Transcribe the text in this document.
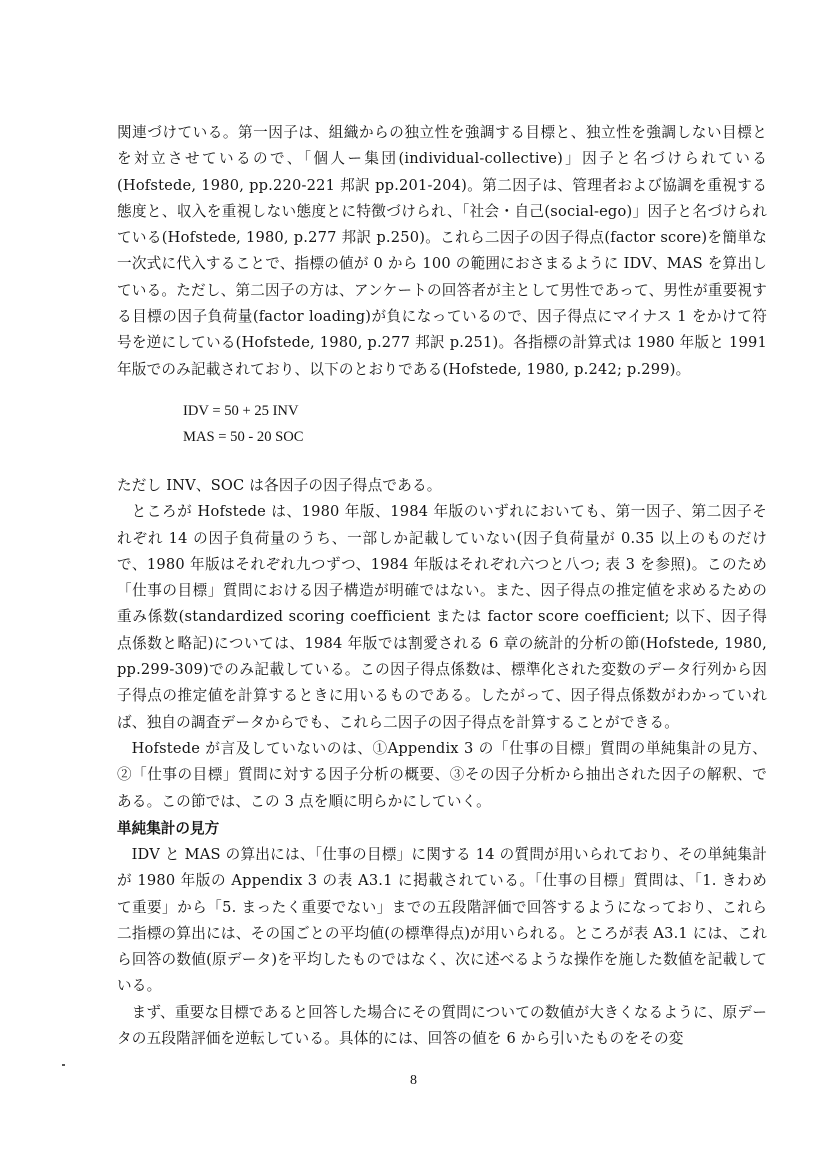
関連づけている。第一因子は、組織からの独立性を強調する目標と、独立性を強調しない目標とを対立させているので、「個人ー集団(individual-collective)」因子と名づけられている(Hofstede, 1980, pp.220-221 邦訳 pp.201-204)。第二因子は、管理者および協調を重視する態度と、収入を重視しない態度とに特徴づけられ、「社会・自己(social-ego)」因子と名づけられている(Hofstede, 1980, p.277 邦訳 p.250)。これら二因子の因子得点(factor score)を簡単な一次式に代入することで、指標の値が 0 から 100 の範囲におさまるように IDV、MAS を算出している。ただし、第二因子の方は、アンケートの回答者が主として男性であって、男性が重要視する目標の因子負荷量(factor loading)が負になっているので、因子得点にマイナス 1 をかけて符号を逆にしている(Hofstede, 1980, p.277 邦訳 p.251)。各指標の計算式は 1980 年版と 1991 年版でのみ記載されており、以下のとおりである(Hofstede, 1980, p.242; p.299)。

IDV = 50 + 25 INV
MAS = 50 - 20 SOC

ただし INV、SOC は各因子の因子得点である。

ところが Hofstede は、1980 年版、1984 年版のいずれにおいても、第一因子、第二因子それぞれ 14 の因子負荷量のうち、一部しか記載していない(因子負荷量が 0.35 以上のものだけで、1980 年版はそれぞれ九つずつ、1984 年版はそれぞれ六つと八つ; 表 3 を参照)。このため「仕事の目標」質問における因子構造が明確ではない。また、因子得点の推定値を求めるための重み係数(standardized scoring coefficient または factor score coefficient; 以下、因子得点係数と略記)については、1984 年版では割愛される 6 章の統計的分析の節(Hofstede, 1980, pp.299-309)でのみ記載している。この因子得点係数は、標準化された変数のデータ行列から因子得点の推定値を計算するときに用いるものである。したがって、因子得点係数がわかっていれば、独自の調査データからでも、これら二因子の因子得点を計算することができる。

Hofstede が言及していないのは、①Appendix 3 の「仕事の目標」質問の単純集計の見方、②「仕事の目標」質問に対する因子分析の概要、③その因子分析から抽出された因子の解釈、である。この節では、この 3 点を順に明らかにしていく。

単純集計の見方

IDV と MAS の算出には、「仕事の目標」に関する 14 の質問が用いられており、その単純集計が 1980 年版の Appendix 3 の表 A3.1 に掲載されている。「仕事の目標」質問は、「1. きわめて重要」から「5. まったく重要でない」までの五段階評価で回答するようになっており、これら二指標の算出には、その国ごとの平均値(の標準得点)が用いられる。ところが表 A3.1 には、これら回答の数値(原データ)を平均したものではなく、次に述べるような操作を施した数値を記載している。

まず、重要な目標であると回答した場合にその質問についての数値が大きくなるように、原データの五段階評価を逆転している。具体的には、回答の値を 6 から引いたものをその変

8
